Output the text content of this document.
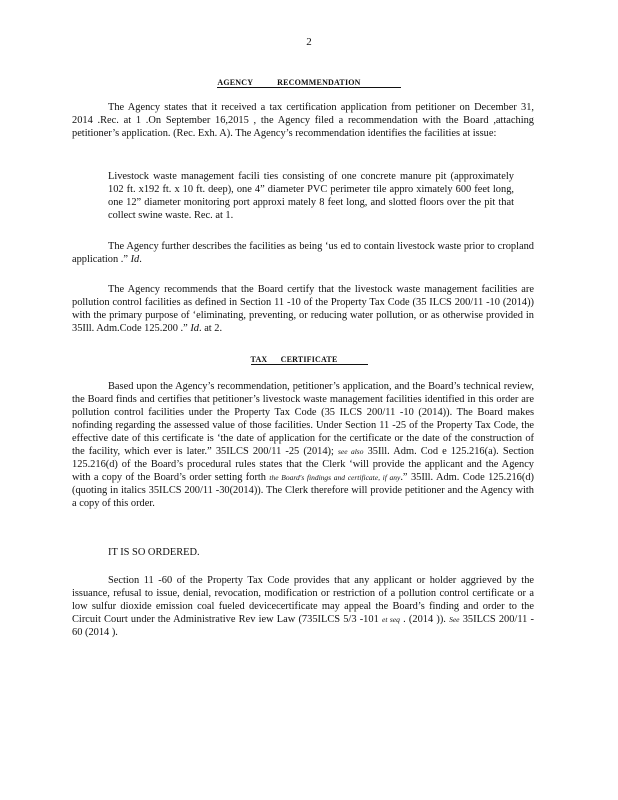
2
AGENCY           RECOMMENDATION

The Agency states that it received a tax certification application from petitioner on December 31, 2014 .Rec. at 1 .On September 16,2015 , the Agency filed a recommendation with the Board ,attaching petitioner’s application. (Rec. Exh. A). The Agency’s recommendation identifies the facilities at issue:

Livestock waste management facili ties consisting of one concrete manure pit (approximately 102 ft. x192 ft. x 10 ft. deep), one 4” diameter PVC perimeter tile appro ximately 600 feet long, one 12” diameter monitoring port approxi mately 8 feet long, and slotted floors over the pit that collect swine waste. Rec. at 1.

The Agency further describes the facilities as being ‘us ed to contain livestock waste prior to cropland application .” Id.

The Agency recommends that the Board certify that the livestock waste management facilities are pollution control facilities as defined in Section 11 -10 of the Property Tax Code (35 ILCS 200/11 -10 (2014)) with the primary purpose of ‘eliminating, preventing, or reducing water pollution, or as otherwise provided in 35Ill. Adm.Code 125.200 .” Id. at 2.

TAX      CERTIFICATE

Based upon the Agency’s recommendation, petitioner’s application, and the Board’s technical review, the Board finds and certifies that petitioner’s livestock waste management facilities identified in this order are pollution control facilities under the Property Tax Code (35 ILCS 200/11 -10 (2014)). The Board makes nofinding regarding the assessed value of those facilities. Under Section 11 -25 of the Property Tax Code, the effective date of this certificate is ‘the date of application for the certificate or the date of the construction of the facility, which ever is later.” 35ILCS 200/11 -25 (2014); see also 35Ill. Adm. Cod e 125.216(a). Section 125.216(d) of the Board’s procedural rules states that the Clerk ‘will provide the applicant and the Agency with a copy of the Board’s order setting forth the Board's findings and certificate, if any.” 35Ill. Adm. Code 125.216(d) (quoting in italics 35ILCS 200/11 -30(2014)). The Clerk therefore will provide petitioner and the Agency with a copy of this order.

IT IS SO ORDERED.

Section 11 -60 of the Property Tax Code provides that any applicant or holder aggrieved by the issuance, refusal to issue, denial, revocation, modification or restriction of a pollution control certificate or a low sulfur dioxide emission coal fueled devicecertificate may appeal the Board’s finding and order to the Circuit Court under the Administrative Rev iew Law (735ILCS 5/3 -101 et seq . (2014 )). See 35ILCS 200/11 - 60 (2014 ).
